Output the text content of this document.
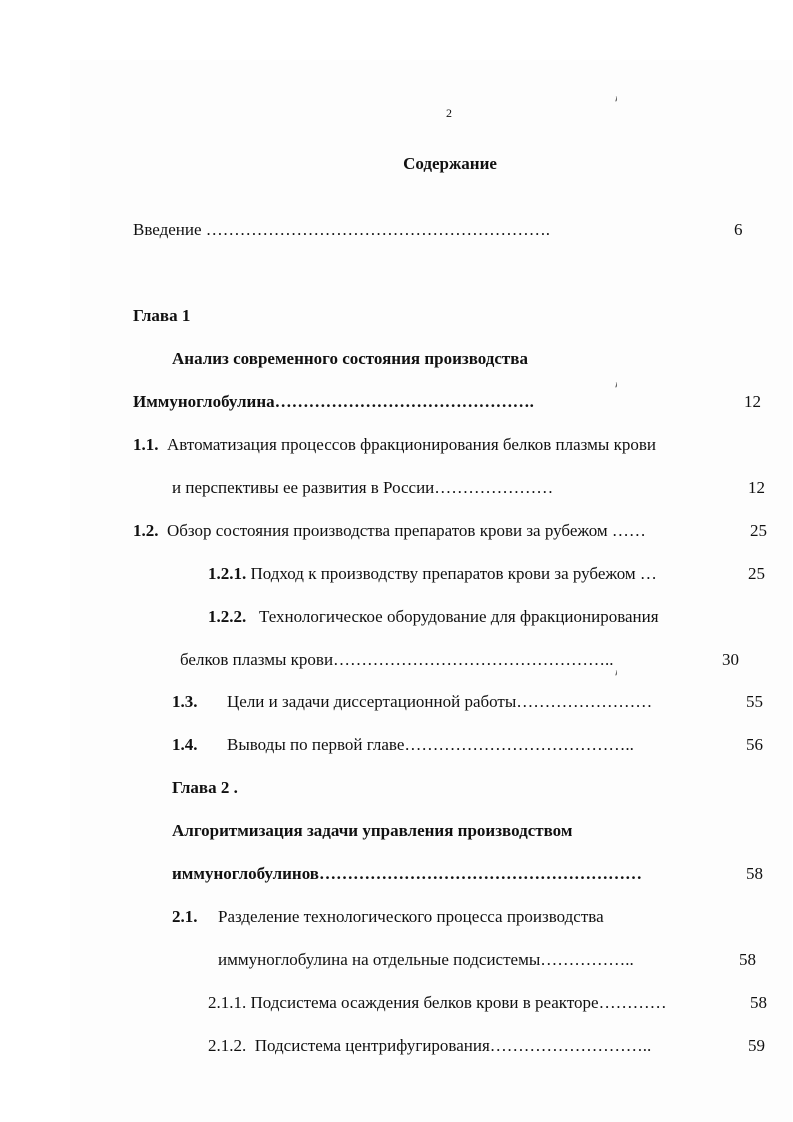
2
Содержание
Введение …………………………………………………….	6
Глава 1
Анализ современного состояния производства
Иммуноглобулина……………………………………….	12
1.1. Автоматизация процессов фракционирования белков плазмы крови
и перспективы ее развития в России…………………	12
1.2. Обзор состояния производства препаратов крови за рубежом ……	25
1.2.1. Подход к производству препаратов крови за рубежом …	25
1.2.2. Технологическое оборудование для фракционирования
белков плазмы крови…………………………………………..	30
1.3. Цели и задачи диссертационной работы……………………	55
1.4. Выводы по первой главе…………………………………..	56
Глава 2 .
Алгоритмизация задачи управления производством
иммуноглобулинов…………………………………………………	58
2.1. Разделение технологического процесса производства
иммуноглобулина на отдельные подсистемы……………..	58
2.1.1. Подсистема осаждения белков крови в реакторе…………	58
2.1.2. Подсистема центрифугирования………………………..	59
ヽ
ヽ
ヽ
